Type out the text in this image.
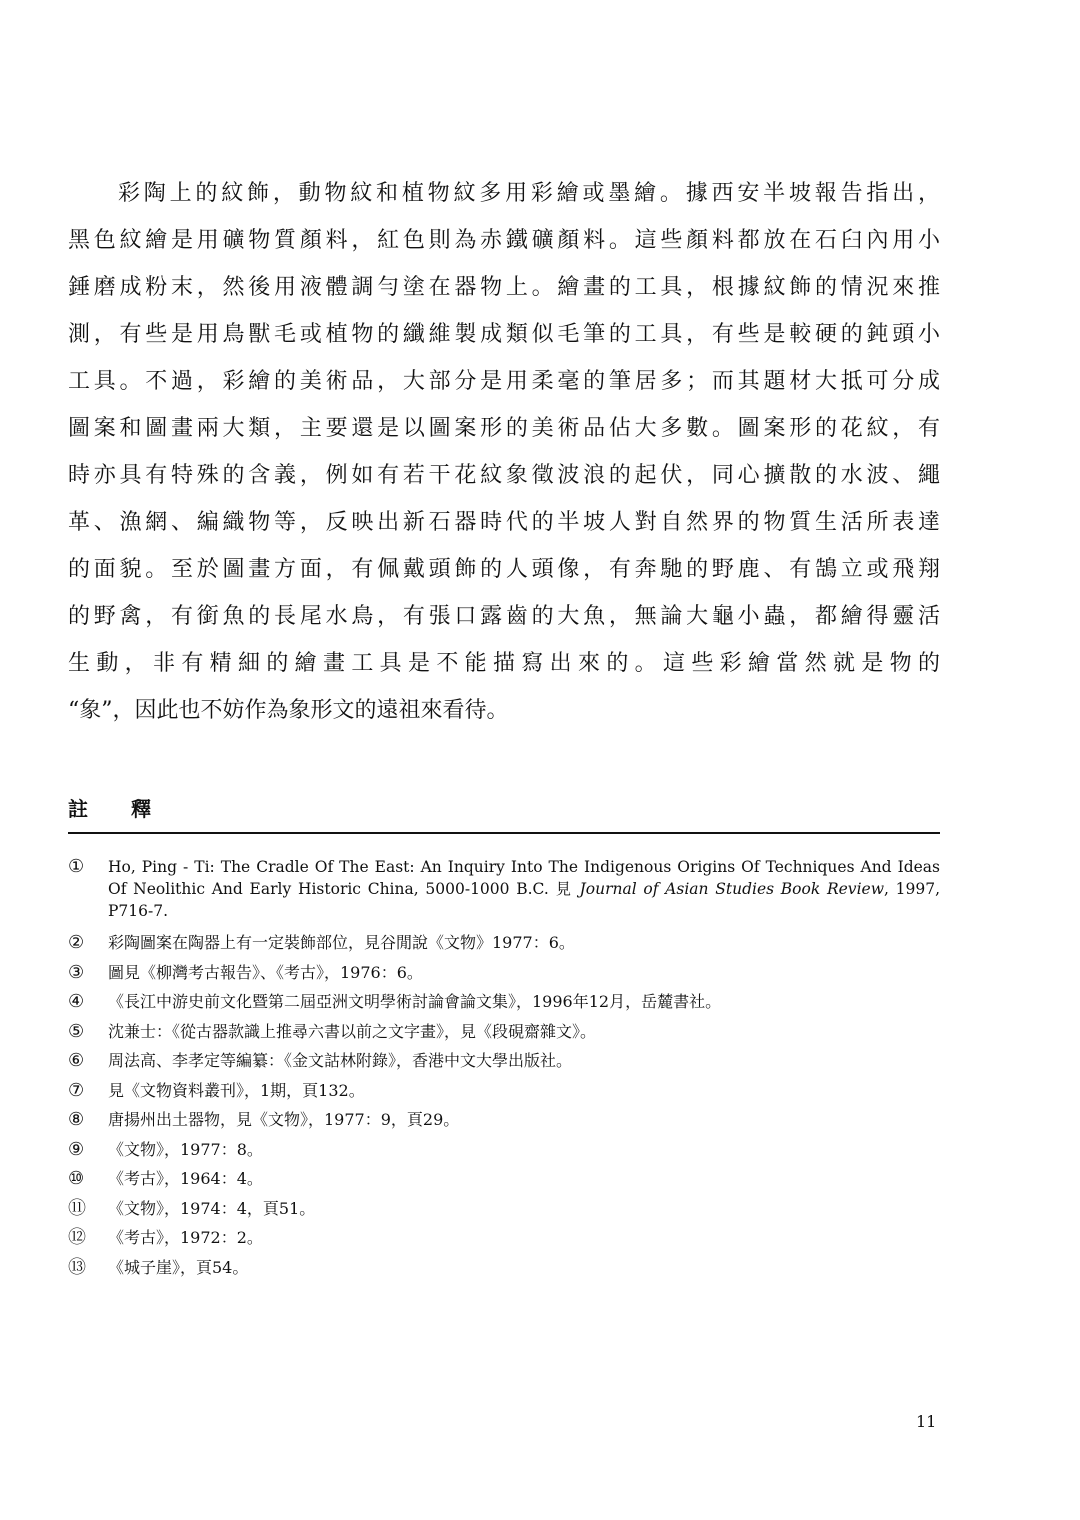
彩陶上的紋飾，動物紋和植物紋多用彩繪或墨繪。據西安半坡報告指出，
黑色紋繪是用礦物質顏料，紅色則為赤鐵礦顏料。這些顏料都放在石臼內用小
錘磨成粉末，然後用液體調勻塗在器物上。繪畫的工具，根據紋飾的情況來推
測，有些是用鳥獸毛或植物的纖維製成類似毛筆的工具，有些是較硬的鈍頭小
工具。不過，彩繪的美術品，大部分是用柔毫的筆居多；而其題材大抵可分成
圖案和圖畫兩大類，主要還是以圖案形的美術品佔大多數。圖案形的花紋，有
時亦具有特殊的含義，例如有若干花紋象徵波浪的起伏，同心擴散的水波、繩
革、漁網、編織物等，反映出新石器時代的半坡人對自然界的物質生活所表達
的面貌。至於圖畫方面，有佩戴頭飾的人頭像，有奔馳的野鹿、有鵠立或飛翔
的野禽，有銜魚的長尾水鳥，有張口露齒的大魚，無論大龜小蟲，都繪得靈活
生動，非有精細的繪畫工具是不能描寫出來的。這些彩繪當然就是物的
“象”，因此也不妨作為象形文的遠祖來看待。
註 釋
①	Ho, Ping - Ti: The Cradle Of The East: An Inquiry Into The Indigenous Origins Of Techniques And Ideas Of Neolithic And Early Historic China, 5000-1000 B.C. 見 Journal of Asian Studies Book Review, 1997, P716-7.
②	彩陶圖案在陶器上有一定裝飾部位，見谷閒說《文物》1977：6。
③	圖見《柳灣考古報告》、《考古》，1976：6。
④	《長江中游史前文化暨第二屆亞洲文明學術討論會論文集》，1996年12月，岳麓書社。
⑤	沈兼士：《從古器款識上推尋六書以前之文字畫》，見《段硯齋雜文》。
⑥	周法高、李孝定等編纂：《金文詁林附錄》，香港中文大學出版社。
⑦	見《文物資料叢刊》，1期，頁132。
⑧	唐揚州出土器物，見《文物》，1977：9，頁29。
⑨	《文物》，1977：8。
⑩	《考古》，1964：4。
⑪	《文物》，1974：4，頁51。
⑫	《考古》，1972：2。
⑬	《城子崖》，頁54。
11
